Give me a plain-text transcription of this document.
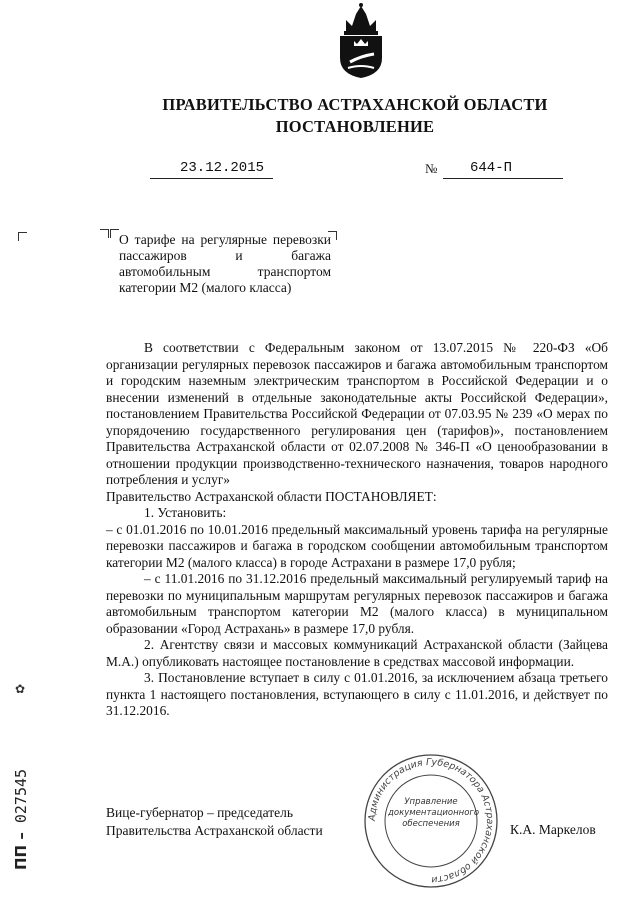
ПРАВИТЕЛЬСТВО АСТРАХАНСКОЙ ОБЛАСТИ
ПОСТАНОВЛЕНИЕ
23.12.2015	№ 644-П
О тарифе на регулярные перевозки пассажиров и багажа автомобильным транспортом категории М2 (малого класса)

В соответствии с Федеральным законом от 13.07.2015 № 220-ФЗ «Об организации регулярных перевозок пассажиров и багажа автомобильным транспортом и городским наземным электрическим транспортом в Российской Федерации и о внесении изменений в отдельные законодательные акты Российской Федерации», постановлением Правительства Российской Федерации от 07.03.95 № 239 «О мерах по упорядочению государственного регулирования цен (тарифов)», постановлением Правительства Астраханской области от 02.07.2008 № 346-П «О ценообразовании в отношении продукции производственно-технического назначения, товаров народного потребления и услуг»

Правительство Астраханской области ПОСТАНОВЛЯЕТ:

1. Установить:

– с 01.01.2016 по 10.01.2016 предельный максимальный уровень тарифа на регулярные перевозки пассажиров и багажа в городском сообщении автомобильным транспортом категории М2 (малого класса) в городе Астрахани в размере 17,0 рубля;

– с 11.01.2016 по 31.12.2016 предельный максимальный регулируемый тариф на перевозки по муниципальным маршрутам регулярных перевозок пассажиров и багажа автомобильным транспортом категории М2 (малого класса) в муниципальном образовании «Город Астрахань» в размере 17,0 рубля.

2. Агентству связи и массовых коммуникаций Астраханской области (Зайцева М.А.) опубликовать настоящее постановление в средствах массовой информации.

3. Постановление вступает в силу с 01.01.2016, за исключением абзаца третьего пункта 1 настоящего постановления, вступающего в силу с 11.01.2016, и действует по 31.12.2016.

Администрация Губернатора Астраханской области
Управление документационного обеспечения
Вице-губернатор – председатель
Правительства Астраханской области	К.А. Маркелов
ПП – 027545
✿
